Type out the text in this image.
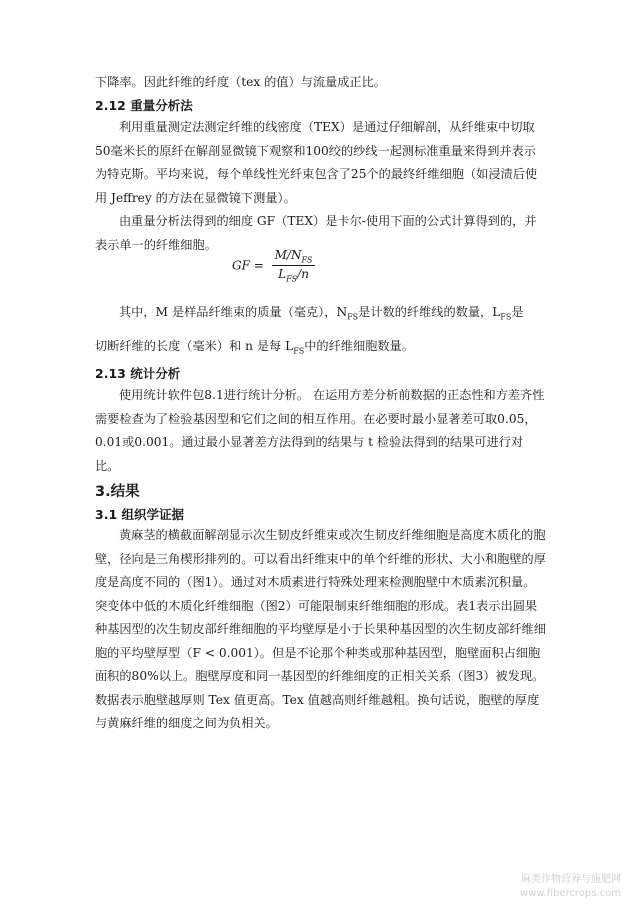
下降率。因此纤维的纤度（tex 的值）与流量成正比。

2.12 重量分析法

利用重量测定法测定纤维的线密度（TEX）是通过仔细解剖，从纤维束中切取 50毫米长的原纤在解剖显微镜下观察和100绞的纱线一起测标准重量来得到并表示为特克斯。平均来说，每个单线性光纤束包含了25个的最终纤维细胞（如浸渍后使用 Jeffrey 的方法在显微镜下测量）。

由重量分析法得到的细度 GF（TEX）是卡尔-使用下面的公式计算得到的，并表示单一的纤维细胞。

GF = $\frac{M/N_{FS}}{L_{FS}/n}$

其中，M 是样品纤维束的质量（毫克），$N_{FS}$是计数的纤维线的数量，$L_{FS}$是

切断纤维的长度（毫米）和 n 是每 $L_{FS}$中的纤维细胞数量。

2.13 统计分析

使用统计软件包8.1进行统计分析。 在运用方差分析前数据的正态性和方差齐性需要检查为了检验基因型和它们之间的相互作用。在必要时最小显著差可取0.05，0.01或0.001。通过最小显著差方法得到的结果与 t 检验法得到的结果可进行对比。

3.结果
3.1 组织学证据

黄麻茎的横截面解剖显示次生韧皮纤维束或次生韧皮纤维细胞是高度木质化的胞壁，径向是三角楔形排列的。可以看出纤维束中的单个纤维的形状、大小和胞壁的厚度是高度不同的（图1）。通过对木质素进行特殊处理来检测胞壁中木质素沉积量。突变体中低的木质化纤维细胞（图2）可能限制束纤维细胞的形成。表1表示出圆果种基因型的次生韧皮部纤维细胞的平均壁厚是小于长果种基因型的次生韧皮部纤维细胞的平均壁厚型（F < 0.001）。但是不论那个种类或那种基因型，胞壁面积占细胞面积的80%以上。胞壁厚度和同一基因型的纤维细度的正相关关系（图3）被发现。数据表示胞壁越厚则 Tex 值更高。Tex 值越高则纤维越粗。换句话说，胞壁的厚度与黄麻纤维的细度之间为负相关。

麻类作物营养与施肥网
www.fibercrops.com
